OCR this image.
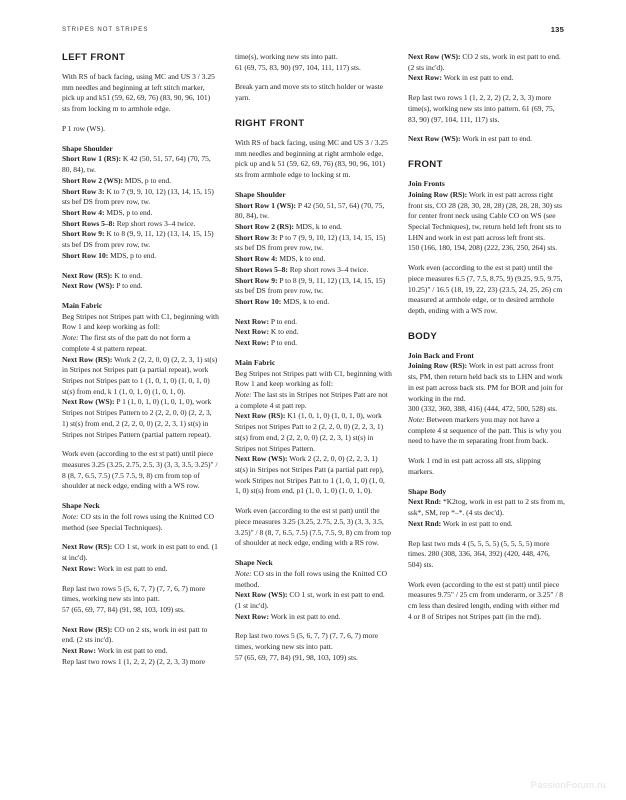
STRIPES NOT STRIPES	135
LEFT FRONT

With RS of back facing, using MC and US 3 / 3.25 mm needles and beginning at left stitch marker, pick up and k51 (59, 62, 69, 76) (83, 90, 96, 101) sts from locking m to armhole edge.

P 1 row (WS).

Shape Shoulder

Short Row 1 (RS): K 42 (50, 51, 57, 64) (70, 75, 80, 84), tw.

Short Row 2 (WS): MDS, p to end.

Short Row 3: K to 7 (9, 9, 10, 12) (13, 14, 15, 15) sts bef DS from prev row, tw.

Short Row 4: MDS, p to end.

Short Rows 5–8: Rep short rows 3–4 twice.

Short Row 9: K to 8 (9, 9, 11, 12) (13, 14, 15, 15) sts bef DS from prev row, tw.

Short Row 10: MDS, p to end.

Next Row (RS): K to end.

Next Row (WS): P to end.

Main Fabric

Beg Stripes not Stripes patt with C1, beginning with Row 1 and keep working as foll:

Note: The first sts of the patt do not form a complete 4 st pattern repeat.

Next Row (RS): Work 2 (2, 2, 0, 0) (2, 2, 3, 1) st(s) in Stripes not Stripes patt (a partial repeat), work Stripes not Stripes patt to 1 (1, 0, 1, 0) (1, 0, 1, 0) st(s) from end, k 1 (1, 0, 1, 0) (1, 0, 1, 0).

Next Row (WS): P 1 (1, 0, 1, 0) (1, 0, 1, 0), work Stripes not Stripes Pattern to 2 (2, 2, 0, 0) (2, 2, 3, 1) st(s) from end, 2 (2, 2, 0, 0) (2, 2, 3, 1) st(s) in Stripes not Stripes Pattern (partial pattern repeat).

Work even (according to the est st patt) until piece measures 3.25 (3.25, 2.75, 2.5, 3) (3, 3, 3.5, 3.25)" / 8 (8, 7, 6.5, 7.5) (7.5 7.5, 9, 8) cm from top of shoulder at neck edge, ending with a WS row.

Shape Neck

Note: CO sts in the foll rows using the Knitted CO method (see Special Techniques).

Next Row (RS): CO 1 st, work in est patt to end. (1 st inc'd).

Next Row: Work in est patt to end.

Rep last two rows 5 (5, 6, 7, 7) (7, 7, 6, 7) more times, working new sts into patt.

57 (65, 69, 77, 84) (91, 98, 103, 109) sts.

Next Row (RS): CO on 2 sts, work in est patt to end. (2 sts inc'd).

Next Row: Work in est patt to end.

Rep last two rows 1 (1, 2, 2, 2) (2, 2, 3, 3) more

time(s), working new sts into patt.

61 (69, 75, 83, 90) (97, 104, 111, 117) sts.

Break yarn and move sts to stitch holder or waste yarn.

RIGHT FRONT

With RS of back facing, using MC and US 3 / 3.25 mm needles and beginning at right armhole edge, pick up and k 51 (59, 62, 69, 76) (83, 90, 96, 101) sts from armhole edge to locking st m.

Shape Shoulder

Short Row 1 (WS): P 42 (50, 51, 57, 64) (70, 75, 80, 84), tw.

Short Row 2 (RS): MDS, k to end.

Short Row 3: P to 7 (9, 9, 10, 12) (13, 14, 15, 15) sts bef DS from prev row, tw.

Short Row 4: MDS, k to end.

Short Rows 5–8: Rep short rows 3–4 twice.

Short Row 9: P to 8 (9, 9, 11, 12) (13, 14, 15, 15) sts bef DS from prev row, tw.

Short Row 10: MDS, k to end.

Next Row: P to end.

Next Row: K to end.

Next Row: P to end.

Main Fabric

Beg Stripes not Stripes patt with C1, beginning with Row 1 and keep working as foll:

Note: The last sts in Stripes not Stripes Patt are not a complete 4 st patt rep.

Next Row (RS): K1 (1, 0, 1, 0) (1, 0, 1, 0), work Stripes not Stripes Patt to 2 (2, 2, 0, 0) (2, 2, 3, 1) st(s) from end, 2 (2, 2, 0, 0) (2, 2, 3, 1) st(s) in Stripes not Stripes Pattern.

Next Row (WS): Work 2 (2, 2, 0, 0) (2, 2, 3, 1) st(s) in Stripes not Stripes Patt (a partial patt rep), work Stripes not Stripes Patt to 1 (1, 0, 1, 0) (1, 0, 1, 0) st(s) from end, p1 (1, 0, 1, 0) (1, 0, 1, 0).

Work even (according to the est st patt) until the piece measures 3.25 (3.25, 2.75, 2.5, 3) (3, 3, 3.5, 3.25)" / 8 (8, 7, 6.5, 7.5) (7.5, 7.5, 9, 8) cm from top of shoulder at neck edge, ending with a RS row.

Shape Neck

Note: CO sts in the foll rows using the Knitted CO method.

Next Row (WS): CO 1 st, work in est patt to end. (1 st inc'd).

Next Row: Work in est patt to end.

Rep last two rows 5 (5, 6, 7, 7) (7, 7, 6, 7) more times, working new sts into patt.

57 (65, 69, 77, 84) (91, 98, 103, 109) sts.

Next Row (WS): CO 2 sts, work in est patt to end. (2 sts inc'd).

Next Row: Work in est patt to end.

Rep last two rows 1 (1, 2, 2, 2) (2, 2, 3, 3) more time(s), working new sts into pattern. 61 (69, 75, 83, 90) (97, 104, 111, 117) sts.

Next Row (WS): Work in est patt to end.

FRONT
Join Fronts

Joining Row (RS): Work in est patt across right front sts, CO 28 (28, 30, 28, 28) (28, 28, 28, 30) sts for center front neck using Cable CO on WS (see Special Techniques), tw, return held left front sts to LHN and work in est patt across left front sts.

150 (166, 180, 194, 208) (222, 236, 250, 264) sts.

Work even (according to the est st patt) until the piece measures 6.5 (7, 7.5, 8.75, 9) (9.25, 9.5, 9.75, 10.25)" / 16.5 (18, 19, 22, 23) (23.5, 24, 25, 26) cm measured at armhole edge, or to desired armhole depth, ending with a WS row.

BODY
Join Back and Front

Joining Row (RS): Work in est patt across front sts, PM, then return held back sts to LHN and work in est patt across back sts. PM for BOR and join for working in the rnd.

300 (332, 360, 388, 416) (444, 472, 500, 528) sts.

Note: Between markers you may not have a complete 4 st sequence of the patt. This is why you need to have the m separating front from back.

Work 1 rnd in est patt across all sts, slipping markers.

Shape Body

Next Rnd: *K2tog, work in est patt to 2 sts from m, ssk*, SM, rep *–*. (4 sts dec'd).

Next Rnd: Work in est patt to end.

Rep last two rnds 4 (5, 5, 5, 5) (5, 5, 5, 5) more times. 280 (308, 336, 364, 392) (420, 448, 476, 504) sts.

Work even (according to the est st patt) until piece measures 9.75" / 25 cm from underarm, or 3.25" / 8 cm less than desired length, ending with either rnd 4 or 8 of Stripes not Stripes patt (in the rnd).

PassionForum.ru
